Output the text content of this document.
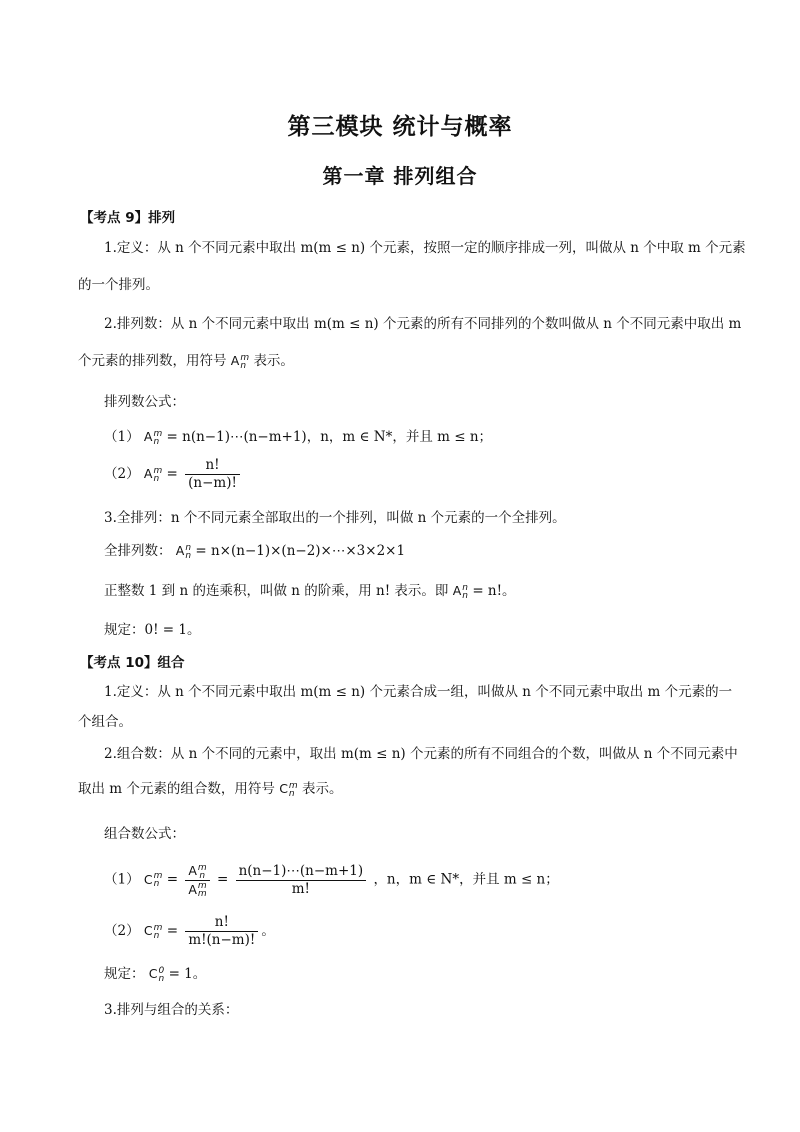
第三模块 统计与概率
第一章 排列组合
【考点 9】排列
1.定义：从 n 个不同元素中取出 m(m ≤ n) 个元素，按照一定的顺序排成一列，叫做从 n 个中取 m 个元素
的一个排列。
2.排列数：从 n 个不同元素中取出 m(m ≤ n) 个元素的所有不同排列的个数叫做从 n 个不同元素中取出 m
个元素的排列数，用符号 A m
n 表示。
排列数公式：
（1） A m
n = n(n−1)⋯(n−m+1)，n，m ∈ N*，并且 m ≤ n；
（2） A m
$n = \frac{n!}{(n-m)!}$
3.全排列：n 个不同元素全部取出的一个排列，叫做 n 个元素的一个全排列。
全排列数： A n
n = n×(n−1)×(n−2)×⋯×3×2×1
正整数 1 到 n 的连乘积，叫做 n 的阶乘，用 n! 表示。即 A n
n = n!。
规定：0! = 1。
【考点 10】组合
1.定义：从 n 个不同元素中取出 m(m ≤ n) 个元素合成一组，叫做从 n 个不同元素中取出 m 个元素的一
个组合。
2.组合数：从 n 个不同的元素中，取出 m(m ≤ n) 个元素的所有不同组合的个数，叫做从 n 个不同元素中
取出 m 个元素的组合数，用符号 C m
n 表示。
组合数公式：
（1） C m
n = A m
n
A m
$m = \frac{n(n-1)\cdots(n-m+1)}{m!}$ ，n，m ∈ N*，并且 m ≤ n；
（2） C m
$n = \frac{n!}{m!(n-m)!}$ 。
规定： C 0
n = 1。
3.排列与组合的关系：
